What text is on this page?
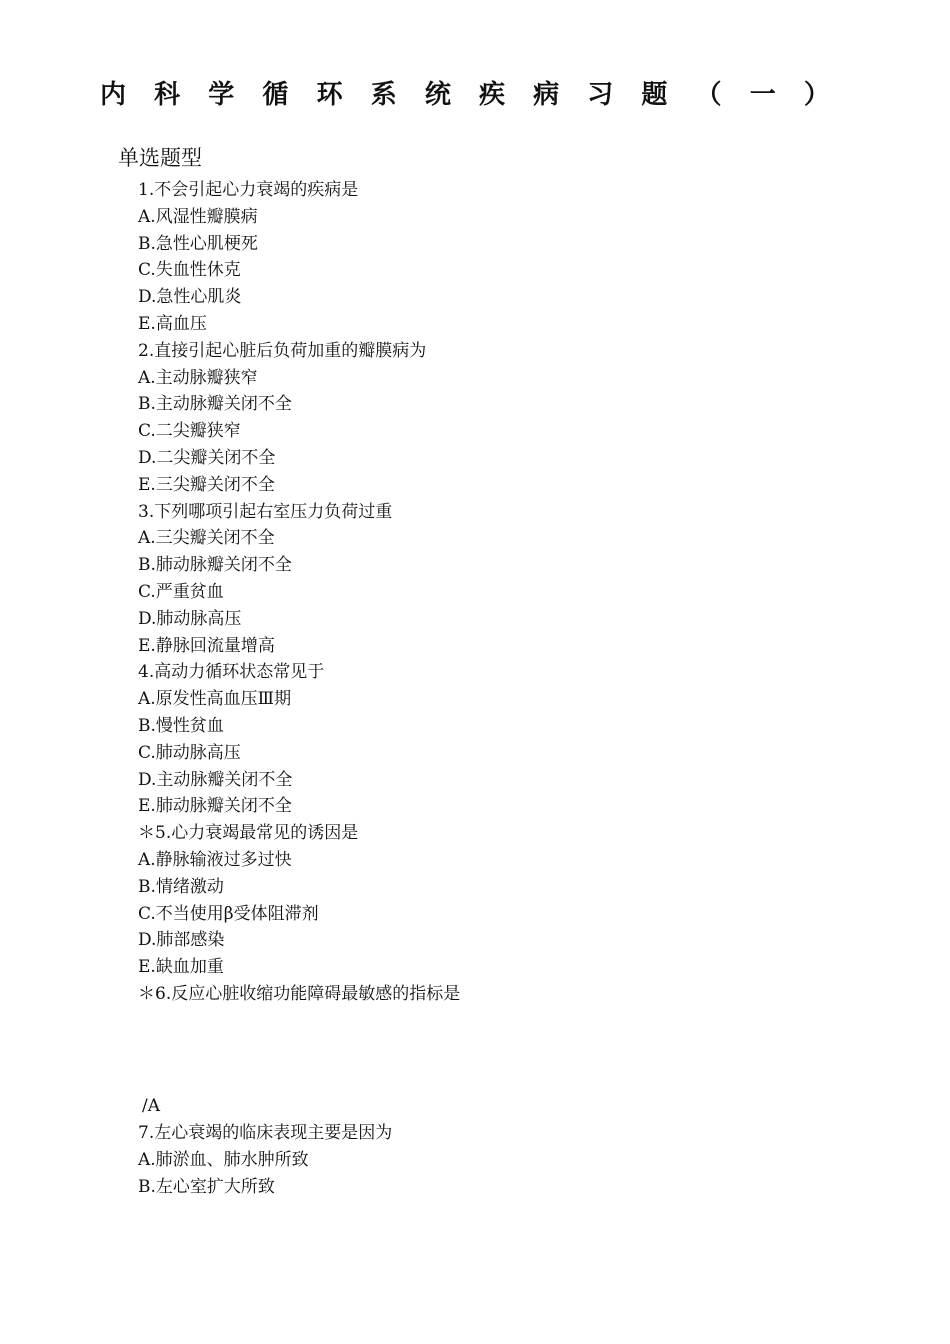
内 科 学 循 环 系 统 疾 病 习 题 （ 一 ）
单选题型
1.不会引起心力衰竭的疾病是
A.风湿性瓣膜病
B.急性心肌梗死
C.失血性休克
D.急性心肌炎
E.高血压
2.直接引起心脏后负荷加重的瓣膜病为
A.主动脉瓣狭窄
B.主动脉瓣关闭不全
C.二尖瓣狭窄
D.二尖瓣关闭不全
E.三尖瓣关闭不全
3.下列哪项引起右室压力负荷过重
A.三尖瓣关闭不全
B.肺动脉瓣关闭不全
C.严重贫血
D.肺动脉高压
E.静脉回流量增高
4.高动力循环状态常见于
A.原发性高血压Ⅲ期
B.慢性贫血
C.肺动脉高压
D.主动脉瓣关闭不全
E.肺动脉瓣关闭不全
＊5.心力衰竭最常见的诱因是
A.静脉输液过多过快
B.情绪激动
C.不当使用β受体阻滞剂
D.肺部感染
E.缺血加重
＊6.反应心脏收缩功能障碍最敏感的指标是
/A
7.左心衰竭的临床表现主要是因为
A.肺淤血、肺水肿所致
B.左心室扩大所致
